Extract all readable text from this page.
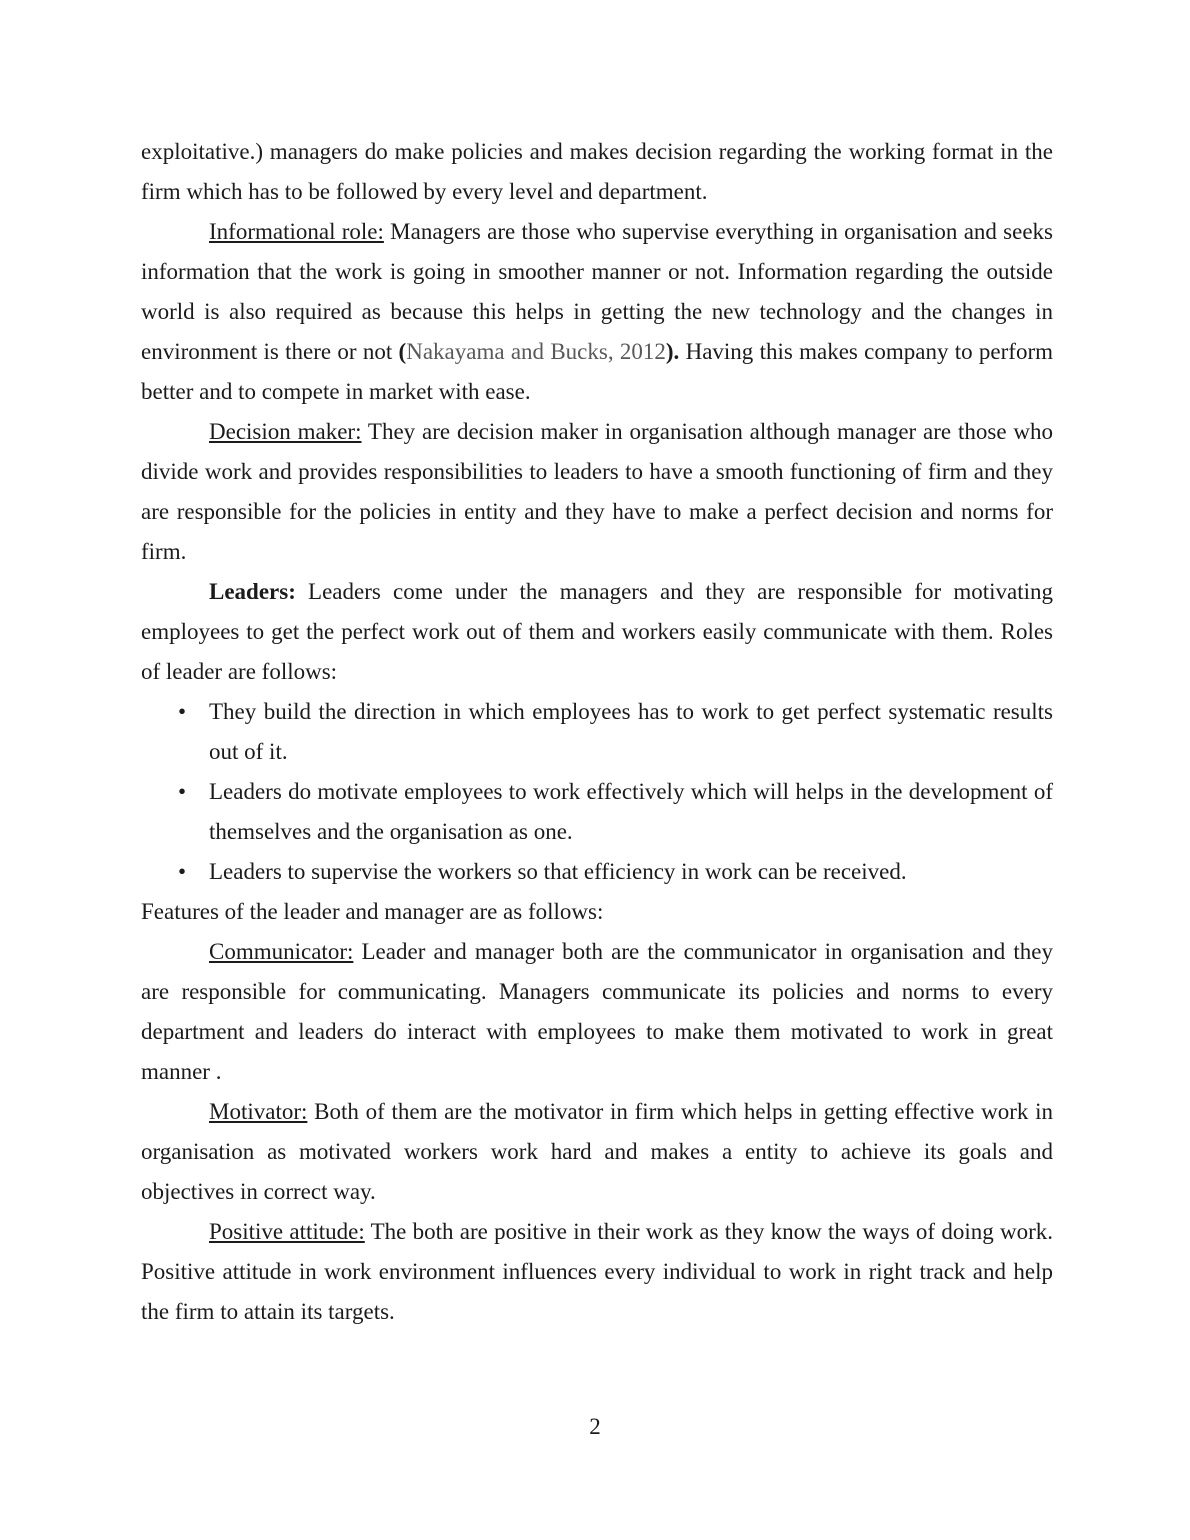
exploitative.) managers do make policies and makes decision regarding the working format in the firm which has to be followed by every level and department.

Informational role: Managers are those who supervise everything in organisation and seeks information that the work is going in smoother manner or not. Information regarding the outside world is also required as because this helps in getting the new technology and the changes in environment is there or not (Nakayama and Bucks, 2012). Having this makes company to perform better and to compete in market with ease.

Decision maker: They are decision maker in organisation although manager are those who divide work and provides responsibilities to leaders to have a smooth functioning of firm and they are responsible for the policies in entity and they have to make a perfect decision and norms for firm.

Leaders: Leaders come under the managers and they are responsible for motivating employees to get the perfect work out of them and workers easily communicate with them. Roles of leader are follows:

• They build the direction in which employees has to work to get perfect systematic results out of it.
• Leaders do motivate employees to work effectively which will helps in the development of themselves and the organisation as one.
• Leaders to supervise the workers so that efficiency in work can be received.

Features of the leader and manager are as follows:

Communicator: Leader and manager both are the communicator in organisation and they are responsible for communicating. Managers communicate its policies and norms to every department and leaders do interact with employees to make them motivated to work in great manner .

Motivator: Both of them are the motivator in firm which helps in getting effective work in organisation as motivated workers work hard and makes a entity to achieve its goals and objectives in correct way.

Positive attitude: The both are positive in their work as they know the ways of doing work. Positive attitude in work environment influences every individual to work in right track and help the firm to attain its targets.

2
